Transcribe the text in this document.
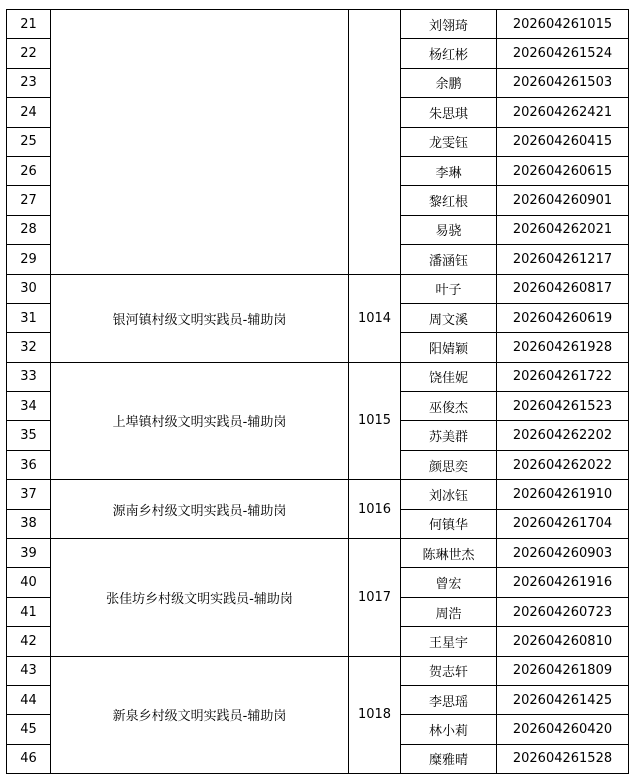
21			刘翎琦	202604261015
22			杨红彬	202604261524
23			余鹏	202604261503
24			朱思琪	202604262421
25			龙雯钰	202604260415
26			李琳	202604260615
27			黎红根	202604260901
28			易骁	202604262021
29			潘涵钰	202604261217
30	银河镇村级文明实践员-辅助岗	1014	叶子	202604260817
31			周文溪	202604260619
32			阳婧颖	202604261928
33	上埠镇村级文明实践员-辅助岗	1015	饶佳妮	202604261722
34			巫俊杰	202604261523
35			苏美群	202604262202
36			颜思奕	202604262022
37	源南乡村级文明实践员-辅助岗	1016	刘冰钰	202604261910
38			何镇华	202604261704
39	张佳坊乡村级文明实践员-辅助岗	1017	陈琳世杰	202604260903
40			曾宏	202604261916
41			周浩	202604260723
42			王星宇	202604260810
43	新泉乡村级文明实践员-辅助岗	1018	贺志轩	202604261809
44			李思瑶	202604261425
45			林小莉	202604260420
46			糜雅晴	202604261528
